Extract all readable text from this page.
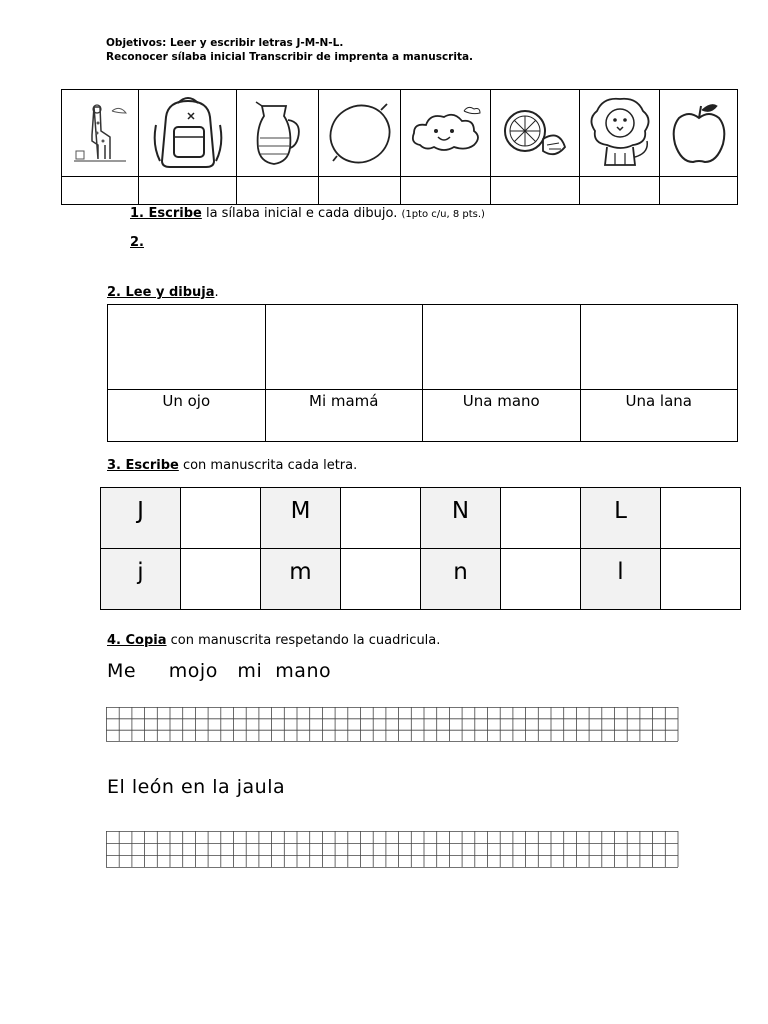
Objetivos: Leer y escribir letras J-M-N-L.
Reconocer sílaba inicial Transcribir de imprenta a manuscrita.

1. Escribe la sílaba inicial e cada dibujo. (1pto c/u, 8 pts.)
2.
2. Lee y dibuja.

Un ojo	Mi mamá	Una mano	Una lana
3. Escribe con manuscrita cada letra.
J		M		N		L	
j		m		n		l	
4. Copia con manuscrita respetando la cuadricula.
Me     mojo   mi  mano
El león en la jaula
